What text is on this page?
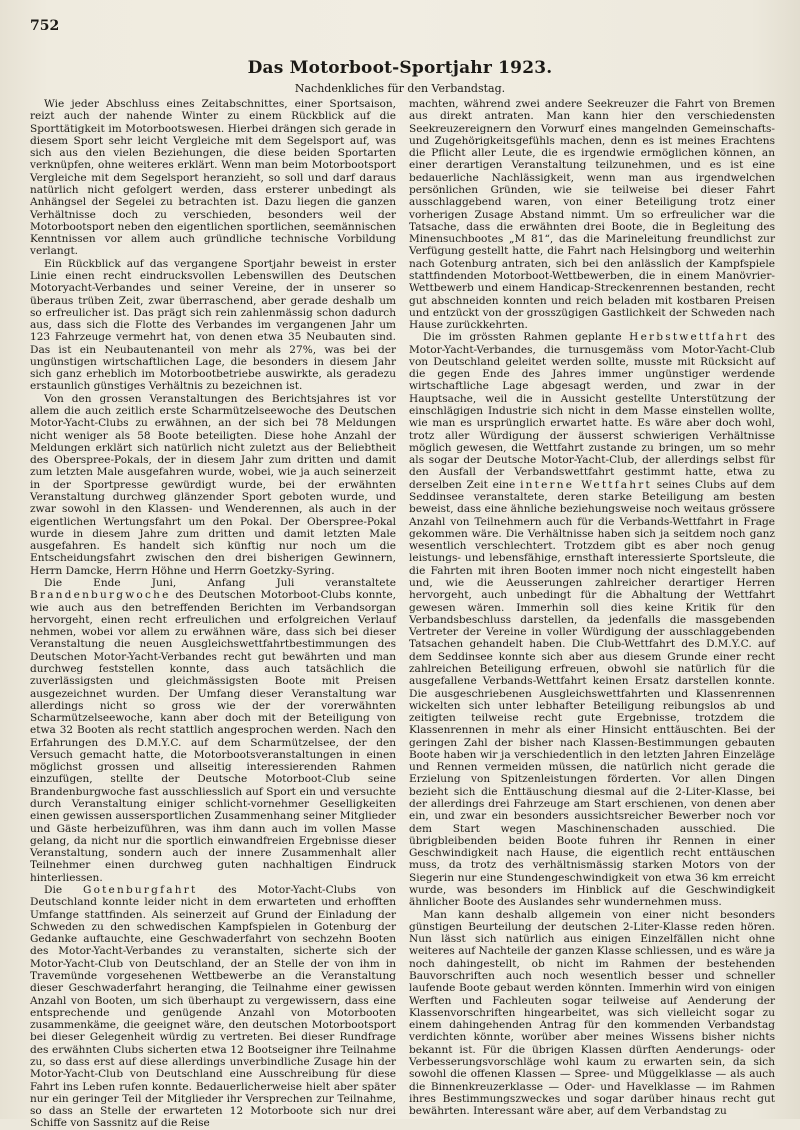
752
Das Motorboot-Sportjahr 1923.
Nachdenkliches für den Verbandstag.

Wie jeder Abschluss eines Zeitabschnittes, einer Sportsaison, reizt auch der nahende Winter zu einem Rückblick auf die Sporttätigkeit im Motorbootswesen. Hierbei drängen sich gerade in diesem Sport sehr leicht Vergleiche mit dem Segelsport auf, was sich aus den vielen Beziehungen, die diese beiden Sportarten verknüpfen, ohne weiteres erklärt. Wenn man beim Motorbootsport Vergleiche mit dem Segelsport heranzieht, so soll und darf daraus natürlich nicht gefolgert werden, dass ersterer unbedingt als Anhängsel der Segelei zu betrachten ist. Dazu liegen die ganzen Verhältnisse doch zu verschieden, besonders weil der Motorbootsport neben den eigentlichen sportlichen, seemännischen Kenntnissen vor allem auch gründliche technische Vorbildung verlangt.

Ein Rückblick auf das vergangene Sportjahr beweist in erster Linie einen recht eindrucksvollen Lebenswillen des Deutschen Motoryacht-Verbandes und seiner Vereine, der in unserer so überaus trüben Zeit, zwar überraschend, aber gerade deshalb um so erfreulicher ist. Das prägt sich rein zahlenmässig schon dadurch aus, dass sich die Flotte des Verbandes im vergangenen Jahr um 123 Fahrzeuge vermehrt hat, von denen etwa 35 Neubauten sind. Das ist ein Neubautenanteil von mehr als 27%, was bei der ungünstigen wirtschaftlichen Lage, die besonders in diesem Jahr sich ganz erheblich im Motorbootbetriebe auswirkte, als geradezu erstaunlich günstiges Verhältnis zu bezeichnen ist.

Von den grossen Veranstaltungen des Berichtsjahres ist vor allem die auch zeitlich erste Scharmützelseewoche des Deutschen Motor-Yacht-Clubs zu erwähnen, an der sich bei 78 Meldungen nicht weniger als 58 Boote beteiligten. Diese hohe Anzahl der Meldungen erklärt sich natürlich nicht zuletzt aus der Beliebtheit des Oberspree-Pokals, der in diesem Jahr zum dritten und damit zum letzten Male ausgefahren wurde, wobei, wie ja auch seinerzeit in der Sportpresse gewürdigt wurde, bei der erwähnten Veranstaltung durchweg glänzender Sport geboten wurde, und zwar sowohl in den Klassen- und Wenderennen, als auch in der eigentlichen Wertungsfahrt um den Pokal. Der Oberspree-Pokal wurde in diesem Jahre zum dritten und damit letzten Male ausgefahren. Es handelt sich künftig nur noch um die Entscheidungsfahrt zwischen den drei bisherigen Gewinnern, Herrn Damcke, Herrn Höhne und Herrn Goetzky-Syring.

Die Ende Juni, Anfang Juli veranstaltete Brandenburgwoche des Deutschen Motorboot-Clubs konnte, wie auch aus den betreffenden Berichten im Verbandsorgan hervorgeht, einen recht erfreulichen und erfolgreichen Verlauf nehmen, wobei vor allem zu erwähnen wäre, dass sich bei dieser Veranstaltung die neuen Ausgleichswettfahrtbestimmungen des Deutschen Motor-Yacht-Verbandes recht gut bewährten und man durchweg feststellen konnte, dass auch tatsächlich die zuverlässigsten und gleichmässigsten Boote mit Preisen ausgezeichnet wurden. Der Umfang dieser Veranstaltung war allerdings nicht so gross wie der der vorerwähnten Scharmützelseewoche, kann aber doch mit der Beteiligung von etwa 32 Booten als recht stattlich angesprochen werden. Nach den Erfahrungen des D.M.Y.C. auf dem Scharmützelsee, der den Versuch gemacht hatte, die Motorbootsveranstaltungen in einen möglichst grossen und allseitig interessierenden Rahmen einzufügen, stellte der Deutsche Motorboot-Club seine Brandenburgwoche fast ausschliesslich auf Sport ein und versuchte durch Veranstaltung einiger schlicht-vornehmer Geselligkeiten einen gewissen aussersportlichen Zusammenhang seiner Mitglieder und Gäste herbeizuführen, was ihm dann auch im vollen Masse gelang, da nicht nur die sportlich einwandfreien Ergebnisse dieser Veranstaltung, sondern auch der innere Zusammenhalt aller Teilnehmer einen durchweg guten nachhaltigen Eindruck hinterliessen.

Die Gotenburgfahrt des Motor-Yacht-Clubs von Deutschland konnte leider nicht in dem erwarteten und erhofften Umfange stattfinden. Als seinerzeit auf Grund der Einladung der Schweden zu den schwedischen Kampfspielen in Gotenburg der Gedanke auftauchte, eine Geschwaderfahrt von sechzehn Booten des Motor-Yacht-Verbandes zu veranstalten, sicherte sich der Motor-Yacht-Club von Deutschland, der an Stelle der von ihm in Travemünde vorgesehenen Wettbewerbe an die Veranstaltung dieser Geschwaderfahrt heranging, die Teilnahme einer gewissen Anzahl von Booten, um sich überhaupt zu vergewissern, dass eine entsprechende und genügende Anzahl von Motorbooten zusammenkäme, die geeignet wäre, den deutschen Motorbootsport bei dieser Gelegenheit würdig zu vertreten. Bei dieser Rundfrage des erwähnten Clubs sicherten etwa 12 Bootseigner ihre Teilnahme zu, so dass erst auf diese allerdings unverbindliche Zusage hin der Motor-Yacht-Club von Deutschland eine Ausschreibung für diese Fahrt ins Leben rufen konnte. Bedauerlicherweise hielt aber später nur ein geringer Teil der Mitglieder ihr Versprechen zur Teilnahme, so dass an Stelle der erwarteten 12 Motorboote sich nur drei Schiffe von Sassnitz auf die Reise

machten, während zwei andere Seekreuzer die Fahrt von Bremen aus direkt antraten. Man kann hier den verschiedensten Seekreuzereignern den Vorwurf eines mangelnden Gemeinschafts- und Zugehörigkeitsgefühls machen, denn es ist meines Erachtens die Pflicht aller Leute, die es irgendwie ermöglichen können, an einer derartigen Veranstaltung teilzunehmen, und es ist eine bedauerliche Nachlässigkeit, wenn man aus irgendwelchen persönlichen Gründen, wie sie teilweise bei dieser Fahrt ausschlaggebend waren, von einer Beteiligung trotz einer vorherigen Zusage Abstand nimmt. Um so erfreulicher war die Tatsache, dass die erwähnten drei Boote, die in Begleitung des Minensuchbootes „M 81“, das die Marineleitung freundlichst zur Verfügung gestellt hatte, die Fahrt nach Helsingborg und weiterhin nach Gotenburg antraten, sich bei den anlässlich der Kampfspiele stattfindenden Motorboot-Wettbewerben, die in einem Manövrier-Wettbewerb und einem Handicap-Streckenrennen bestanden, recht gut abschneiden konnten und reich beladen mit kostbaren Preisen und entzückt von der grosszügigen Gastlichkeit der Schweden nach Hause zurückkehrten.

Die im grössten Rahmen geplante Herbstwettfahrt des Motor-Yacht-Verbandes, die turnusgemäss vom Motor-Yacht-Club von Deutschland geleitet werden sollte, musste mit Rücksicht auf die gegen Ende des Jahres immer ungünstiger werdende wirtschaftliche Lage abgesagt werden, und zwar in der Hauptsache, weil die in Aussicht gestellte Unterstützung der einschlägigen Industrie sich nicht in dem Masse einstellen wollte, wie man es ursprünglich erwartet hatte. Es wäre aber doch wohl, trotz aller Würdigung der äusserst schwierigen Verhältnisse möglich gewesen, die Wettfahrt zustande zu bringen, um so mehr als sogar der Deutsche Motor-Yacht-Club, der allerdings selbst für den Ausfall der Verbandswettfahrt gestimmt hatte, etwa zu derselben Zeit eine interne Wettfahrt seines Clubs auf dem Seddinsee veranstaltete, deren starke Beteiligung am besten beweist, dass eine ähnliche beziehungsweise noch weitaus grössere Anzahl von Teilnehmern auch für die Verbands-Wettfahrt in Frage gekommen wäre. Die Verhältnisse haben sich ja seitdem noch ganz wesentlich verschlechtert. Trotzdem gibt es aber noch genug leistungs- und lebensfähige, ernsthaft interessierte Sportsleute, die die Fahrten mit ihren Booten immer noch nicht eingestellt haben und, wie die Aeusserungen zahlreicher derartiger Herren hervorgeht, auch unbedingt für die Abhaltung der Wettfahrt gewesen wären. Immerhin soll dies keine Kritik für den Verbandsbeschluss darstellen, da jedenfalls die massgebenden Vertreter der Vereine in voller Würdigung der ausschlaggebenden Tatsachen gehandelt haben. Die Club-Wettfahrt des D.M.Y.C. auf dem Seddinsee konnte sich aber aus diesem Grunde einer recht zahlreichen Beteiligung erfreuen, obwohl sie natürlich für die ausgefallene Verbands-Wettfahrt keinen Ersatz darstellen konnte. Die ausgeschriebenen Ausgleichswettfahrten und Klassenrennen wickelten sich unter lebhafter Beteiligung reibungslos ab und zeitigten teilweise recht gute Ergebnisse, trotzdem die Klassenrennen in mehr als einer Hinsicht enttäuschten. Bei der geringen Zahl der bisher nach Klassen-Bestimmungen gebauten Boote haben wir ja verschiedentlich in den letzten Jahren Einzeläge und Rennen vermeiden müssen, die natürlich nicht gerade die Erzielung von Spitzenleistungen förderten. Vor allen Dingen bezieht sich die Enttäuschung diesmal auf die 2-Liter-Klasse, bei der allerdings drei Fahrzeuge am Start erschienen, von denen aber ein, und zwar ein besonders aussichtsreicher Bewerber noch vor dem Start wegen Maschinenschaden ausschied. Die übrigbleibenden beiden Boote fuhren ihr Rennen in einer Geschwindigkeit nach Hause, die eigentlich recht enttäuschen muss, da trotz des verhältnismässig starken Motors von der Siegerin nur eine Stundengeschwindigkeit von etwa 36 km erreicht wurde, was besonders im Hinblick auf die Geschwindigkeit ähnlicher Boote des Auslandes sehr wundernehmen muss.

Man kann deshalb allgemein von einer nicht besonders günstigen Beurteilung der deutschen 2-Liter-Klasse reden hören. Nun lässt sich natürlich aus einigen Einzelfällen nicht ohne weiteres auf Nachteile der ganzen Klasse schliessen, und es wäre ja noch dahingestellt, ob nicht im Rahmen der bestehenden Bauvorschriften auch noch wesentlich besser und schneller laufende Boote gebaut werden könnten. Immerhin wird von einigen Werften und Fachleuten sogar teilweise auf Aenderung der Klassenvorschriften hingearbeitet, was sich vielleicht sogar zu einem dahingehenden Antrag für den kommenden Verbandstag verdichten könnte, worüber aber meines Wissens bisher nichts bekannt ist. Für die übrigen Klassen dürften Aenderungs- oder Verbesserungsvorschläge wohl kaum zu erwarten sein, da sich sowohl die offenen Klassen — Spree- und Müggelklasse — als auch die Binnenkreuzerklasse — Oder- und Havelklasse — im Rahmen ihres Bestimmungszweckes und sogar darüber hinaus recht gut bewährten. Interessant wäre aber, auf dem Verbandstag zu
